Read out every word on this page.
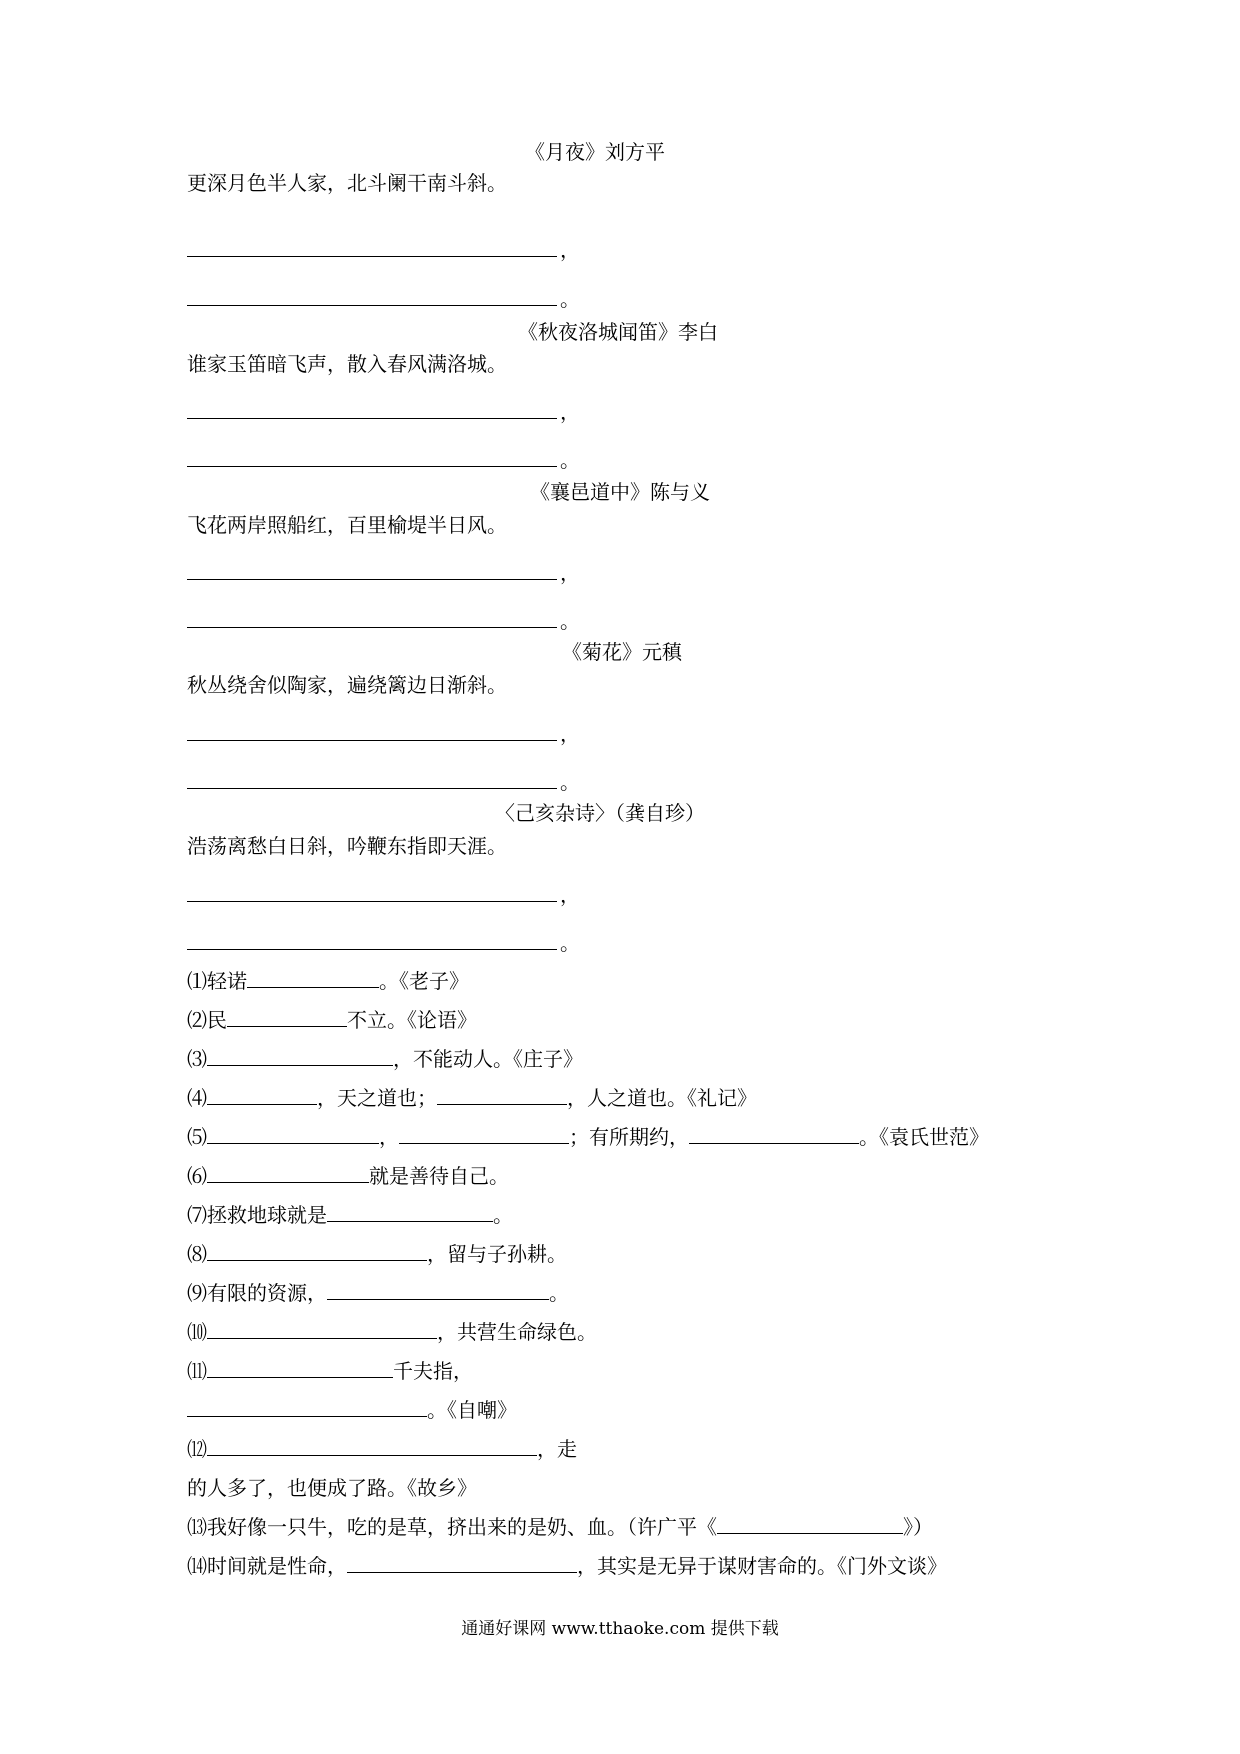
《月夜》刘方平
更深月色半人家，北斗阑干南斗斜。
，
。
《秋夜洛城闻笛》李白
谁家玉笛暗飞声，散入春风满洛城。
，
。
《襄邑道中》陈与义
飞花两岸照船红，百里榆堤半日风。
，
。
《菊花》元稹
秋丛绕舍似陶家，遍绕篱边日渐斜。
，
。
〈己亥杂诗〉（龚自珍）
浩荡离愁白日斜，吟鞭东指即天涯。
，
。
⑴轻诺	。《老子》
⑵民	不立。《论语》
⑶	，不能动人。《庄子》
⑷	，天之道也；	，人之道也。《礼记》
⑸	，	；有所期约，	。《袁氏世范》
⑹	就是善待自己。
⑺拯救地球就是	。
⑻	，留与子孙耕。
⑼有限的资源，	。
⑽	，共营生命绿色。
⑾	千夫指，
。《自嘲》
⑿	，走
的人多了，也便成了路。《故乡》
⒀我好像一只牛，吃的是草，挤出来的是奶、血。（许广平《	》）
⒁时间就是性命，	，其实是无异于谋财害命的。《门外文谈》
通通好课网 www.tthaoke.com 提供下载
